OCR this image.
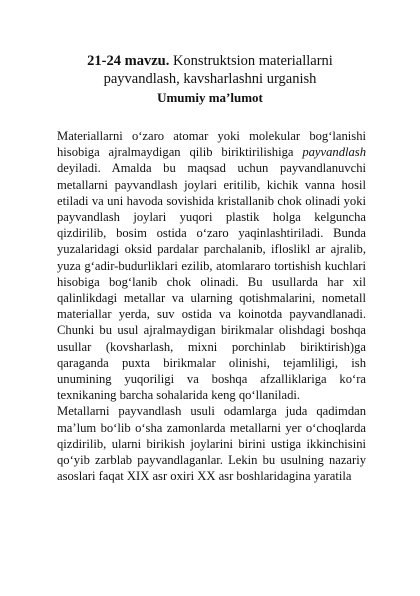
21-24 mavzu. Konstruktsion materiallarni
payvandlash, kavsharlashni urganish
Umumiy ma’lumot

Materiallarni o‘zaro atomar yoki molekular bog‘lanishi hisobiga ajralmaydigan qilib biriktirilishiga payvandlash deyiladi. Amalda bu maqsad uchun payvandlanuvchi metallarni payvandlash joylari eritilib, kichik vanna hosil etiladi va uni havoda sovishida kristallanib chok olinadi yoki payvandlash joylari yuqori plastik holga kelguncha qizdirilib, bosim ostida o‘zaro yaqinlashtiriladi. Bunda yuzalaridagi oksid pardalar parchalanib, ifloslikl ar ajralib, yuza g‘adir-budurliklari ezilib, atomlararo tortishish kuchlari hisobiga bog‘lanib chok olinadi. Bu usullarda har xil qalinlikdagi metallar va ularning qotishmalarini, nometall materiallar yerda, suv ostida va koinotda payvandlanadi. Chunki bu usul ajralmaydigan birikmalar olishdagi boshqa usullar (kovsharlash, mixni porchinlab biriktirish)ga qaraganda puxta birikmalar olinishi, tejamliligi, ish unumining yuqoriligi va boshqa afzalliklariga ko‘ra texnikaning barcha sohalarida keng qo‘llaniladi.

Metallarni payvandlash usuli odamlarga juda qadimdan ma’lum bo‘lib o‘sha zamonlarda metallarni yer o‘choqlarda qizdirilib, ularni birikish joylarini birini ustiga ikkinchisini qo‘yib zarblab payvandlaganlar. Lekin bu usulning nazariy asoslari faqat XIX asr oxiri XX asr boshlaridagina yaratila
